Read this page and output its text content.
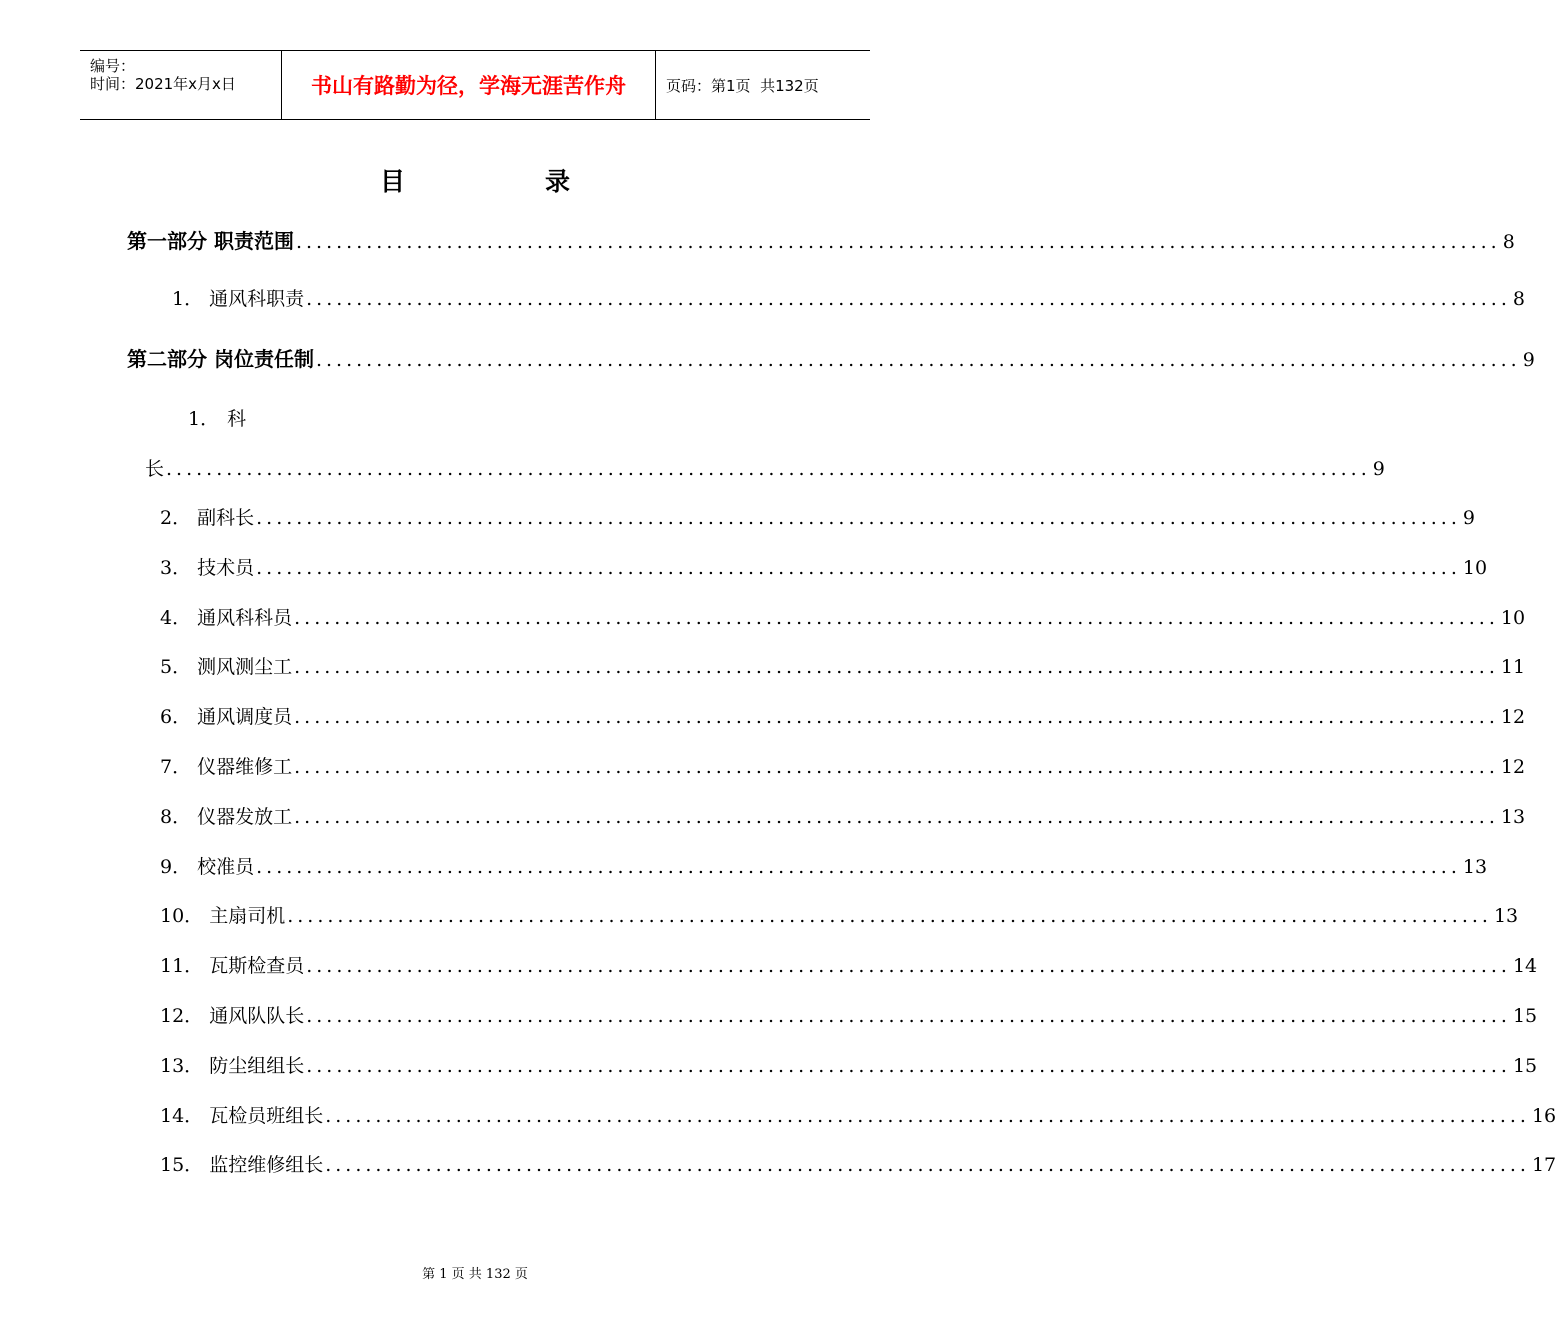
编号：
时间：2021年x月x日	书山有路勤为径，学海无涯苦作舟	页码：第1页  共132页
目	录
第一部分 职责范围 ........................................................................................................................ 8
1． 通风科职责 ........................................................................................................................ 8
第二部分 岗位责任制 ........................................................................................................................ 9
1． 科
长 ........................................................................................................................ 9
2． 副科长 ........................................................................................................................ 9
3． 技术员 ........................................................................................................................ 10
4． 通风科科员 ........................................................................................................................ 10
5． 测风测尘工 ........................................................................................................................ 11
6． 通风调度员 ........................................................................................................................ 12
7． 仪器维修工 ........................................................................................................................ 12
8． 仪器发放工 ........................................................................................................................ 13
9． 校准员 ........................................................................................................................ 13
10． 主扇司机 ........................................................................................................................ 13
11． 瓦斯检查员 ........................................................................................................................ 14
12． 通风队队长 ........................................................................................................................ 15
13． 防尘组组长 ........................................................................................................................ 15
14． 瓦检员班组长 ........................................................................................................................ 16
15． 监控维修组长 ........................................................................................................................ 17
第 1 页 共 132 页
